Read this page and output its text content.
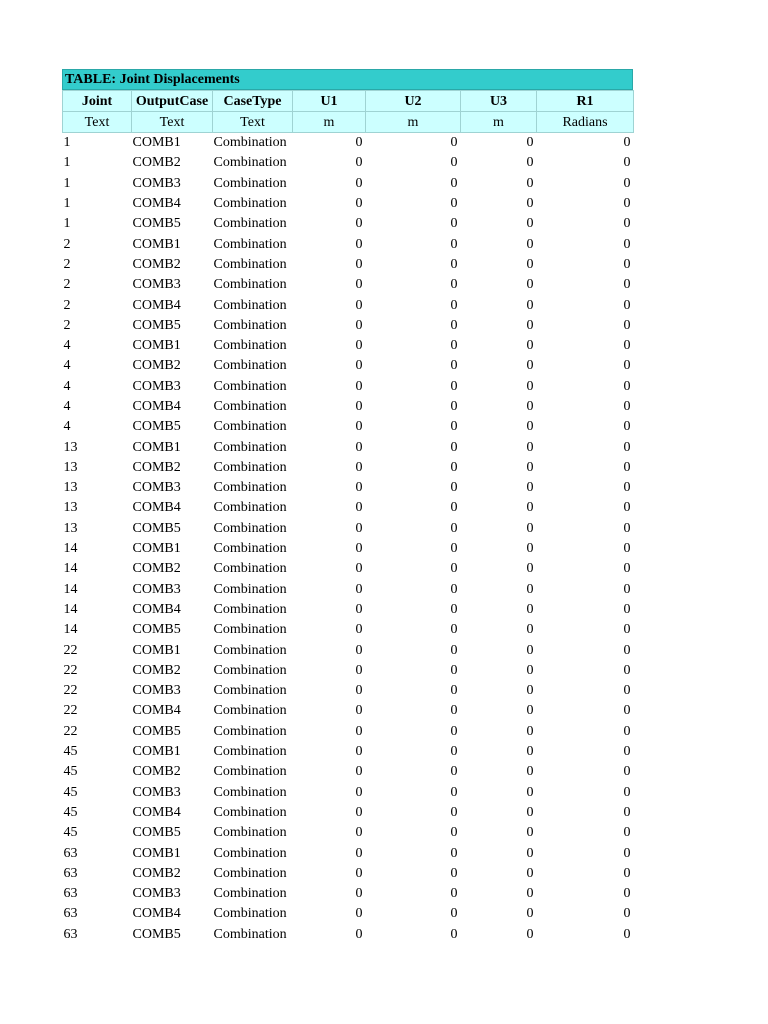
TABLE: Joint Displacements
Joint	OutputCase	CaseType	U1	U2	U3	R1
Text	Text	Text	m	m	m	Radians
1	COMB1	Combination	0	0	0	0
1	COMB2	Combination	0	0	0	0
1	COMB3	Combination	0	0	0	0
1	COMB4	Combination	0	0	0	0
1	COMB5	Combination	0	0	0	0
2	COMB1	Combination	0	0	0	0
2	COMB2	Combination	0	0	0	0
2	COMB3	Combination	0	0	0	0
2	COMB4	Combination	0	0	0	0
2	COMB5	Combination	0	0	0	0
4	COMB1	Combination	0	0	0	0
4	COMB2	Combination	0	0	0	0
4	COMB3	Combination	0	0	0	0
4	COMB4	Combination	0	0	0	0
4	COMB5	Combination	0	0	0	0
13	COMB1	Combination	0	0	0	0
13	COMB2	Combination	0	0	0	0
13	COMB3	Combination	0	0	0	0
13	COMB4	Combination	0	0	0	0
13	COMB5	Combination	0	0	0	0
14	COMB1	Combination	0	0	0	0
14	COMB2	Combination	0	0	0	0
14	COMB3	Combination	0	0	0	0
14	COMB4	Combination	0	0	0	0
14	COMB5	Combination	0	0	0	0
22	COMB1	Combination	0	0	0	0
22	COMB2	Combination	0	0	0	0
22	COMB3	Combination	0	0	0	0
22	COMB4	Combination	0	0	0	0
22	COMB5	Combination	0	0	0	0
45	COMB1	Combination	0	0	0	0
45	COMB2	Combination	0	0	0	0
45	COMB3	Combination	0	0	0	0
45	COMB4	Combination	0	0	0	0
45	COMB5	Combination	0	0	0	0
63	COMB1	Combination	0	0	0	0
63	COMB2	Combination	0	0	0	0
63	COMB3	Combination	0	0	0	0
63	COMB4	Combination	0	0	0	0
63	COMB5	Combination	0	0	0	0
